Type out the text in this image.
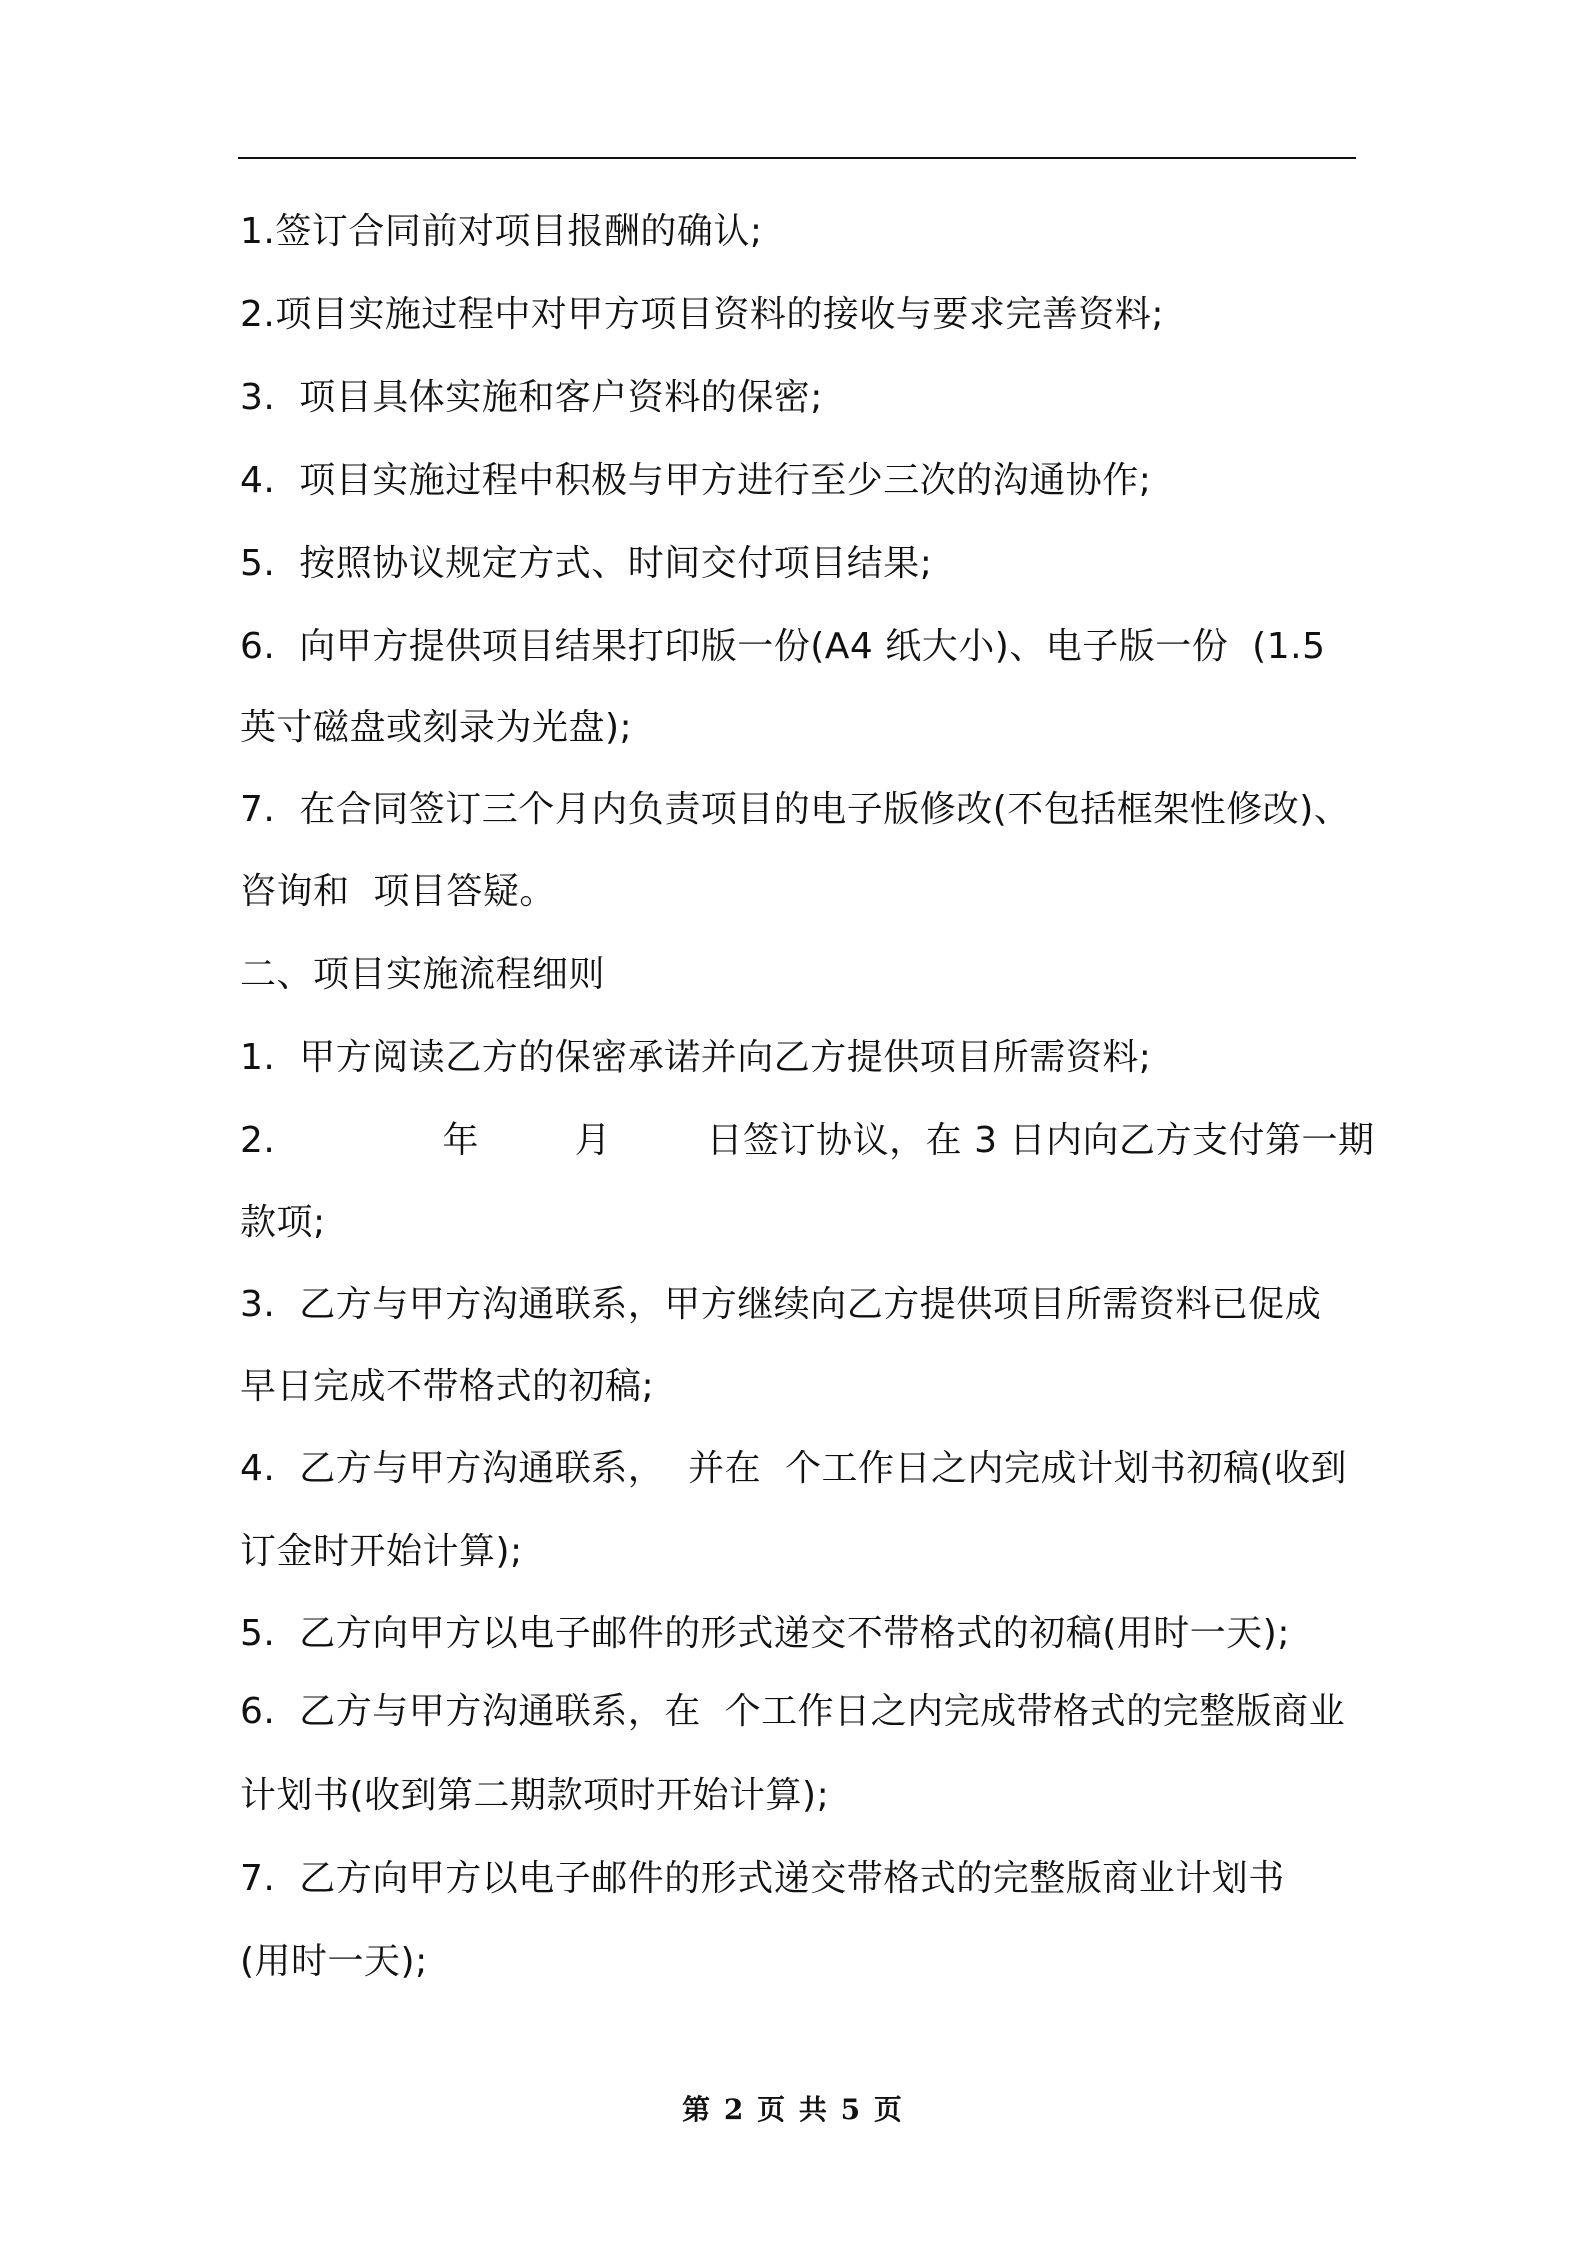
1.签订合同前对项目报酬的确认;
2.项目实施过程中对甲方项目资料的接收与要求完善资料;
3.  项目具体实施和客户资料的保密;
4.  项目实施过程中积极与甲方进行至少三次的沟通协作;
5.  按照协议规定方式、时间交付项目结果;
6.  向甲方提供项目结果打印版一份(A4 纸大小)、电子版一份  (1.5
英寸磁盘或刻录为光盘);
7.  在合同签订三个月内负责项目的电子版修改(不包括框架性修改)、
咨询和  项目答疑。
二、项目实施流程细则
1.  甲方阅读乙方的保密承诺并向乙方提供项目所需资料;
2.              年        月        日签订协议，在 3 日内向乙方支付第一期
款项;
3.  乙方与甲方沟通联系，甲方继续向乙方提供项目所需资料已促成
早日完成不带格式的初稿;
4.  乙方与甲方沟通联系，  并在  个工作日之内完成计划书初稿(收到
订金时开始计算);
5.  乙方向甲方以电子邮件的形式递交不带格式的初稿(用时一天);
6.  乙方与甲方沟通联系，在  个工作日之内完成带格式的完整版商业
计划书(收到第二期款项时开始计算);
7.  乙方向甲方以电子邮件的形式递交带格式的完整版商业计划书
(用时一天);
第 2 页 共 5 页
